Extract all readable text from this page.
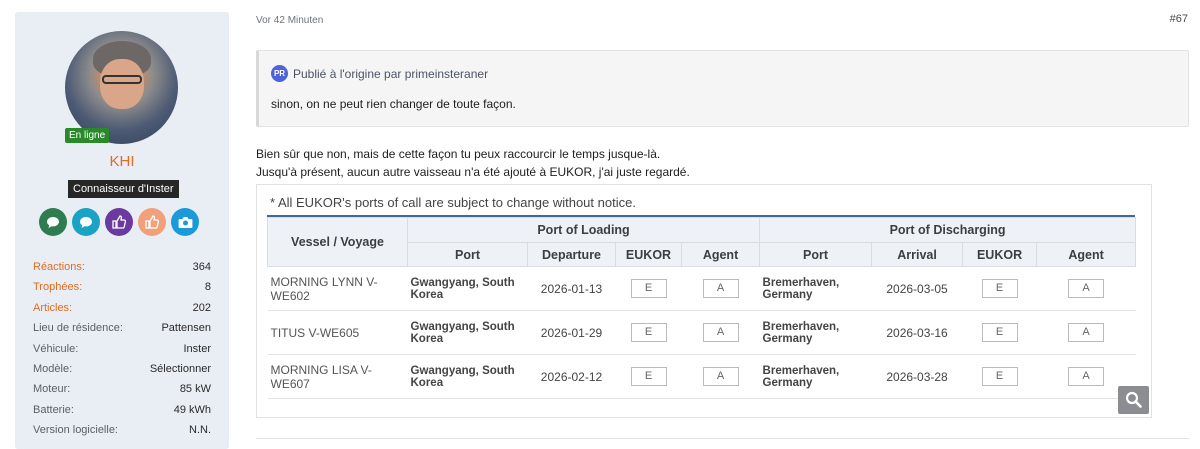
En ligne
KHI
Connaisseur d'Inster
Réactions:	364
Trophées:	8
Articles:	202
Lieu de résidence:	Pattensen
Véhicule:	Inster
Modèle:	Sélectionner
Moteur:	85 kW
Batterie:	49 kWh
Version logicielle:	N.N.
Vor 42 Minuten	#67
PR Publié à l'origine par primeinsteraner
sinon, on ne peut rien changer de toute façon.
Bien sûr que non, mais de cette façon tu peux raccourcir le temps jusque-là.
Jusqu'à présent, aucun autre vaisseau n'a été ajouté à EUKOR, j'ai juste regardé.
* All EUKOR's ports of call are subject to change without notice.
Vessel / Voyage	Port of Loading				Port of Discharging			
	Port	Departure	EUKOR	Agent	Port	Arrival	EUKOR	Agent
MORNING LYNN V-WE602	Gwangyang, South Korea	2026-01-13	E	A	Bremerhaven, Germany	2026-03-05	E	A
TITUS V-WE605	Gwangyang, South Korea	2026-01-29	E	A	Bremerhaven, Germany	2026-03-16	E	A
MORNING LISA V-WE607	Gwangyang, South Korea	2026-02-12	E	A	Bremerhaven, Germany	2026-03-28	E	A
